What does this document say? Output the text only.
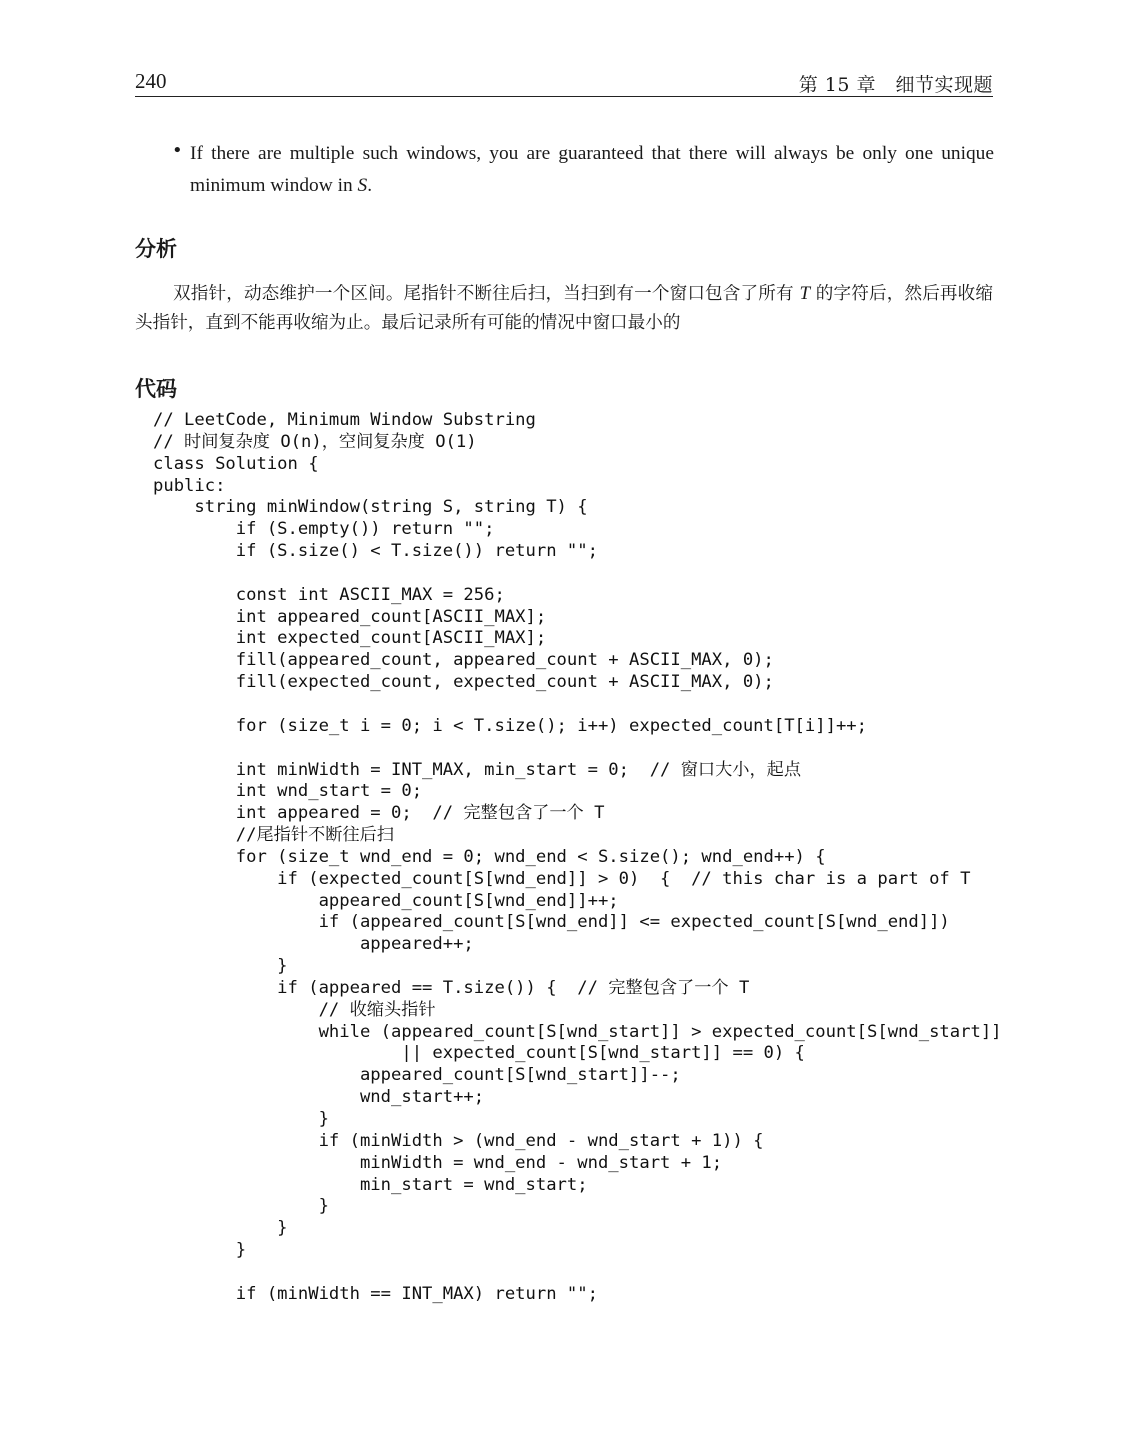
240	第 15 章　细节实现题
• If there are multiple such windows, you are guaranteed that there will always be only one unique minimum window in S.
分析
双指针，动态维护一个区间。尾指针不断往后扫，当扫到有一个窗口包含了所有 T 的字符后，然后再收缩头指针，直到不能再收缩为止。最后记录所有可能的情况中窗口最小的
代码
// LeetCode, Minimum Window Substring
// 时间复杂度 O(n)，空间复杂度 O(1)
class Solution {
public:
string minWindow(string S, string T) {
if (S.empty()) return "";
if (S.size() < T.size()) return "";
const int ASCII_MAX = 256;
int appeared_count[ASCII_MAX];
int expected_count[ASCII_MAX];
fill(appeared_count, appeared_count + ASCII_MAX, 0);
fill(expected_count, expected_count + ASCII_MAX, 0);
for (size_t i = 0; i < T.size(); i++) expected_count[T[i]]++;
int minWidth = INT_MAX, min_start = 0;  // 窗口大小，起点
int wnd_start = 0;
int appeared = 0;  // 完整包含了一个 T
//尾指针不断往后扫
for (size_t wnd_end = 0; wnd_end < S.size(); wnd_end++) {
if (expected_count[S[wnd_end]] > 0)  {  // this char is a part of T
appeared_count[S[wnd_end]]++;
if (appeared_count[S[wnd_end]] <= expected_count[S[wnd_end]])
appeared++;
}
if (appeared == T.size()) {  // 完整包含了一个 T
// 收缩头指针
while (appeared_count[S[wnd_start]] > expected_count[S[wnd_start]]
|| expected_count[S[wnd_start]] == 0) {
appeared_count[S[wnd_start]]--;
wnd_start++;
}
if (minWidth > (wnd_end - wnd_start + 1)) {
minWidth = wnd_end - wnd_start + 1;
min_start = wnd_start;
}
}
}
if (minWidth == INT_MAX) return "";
